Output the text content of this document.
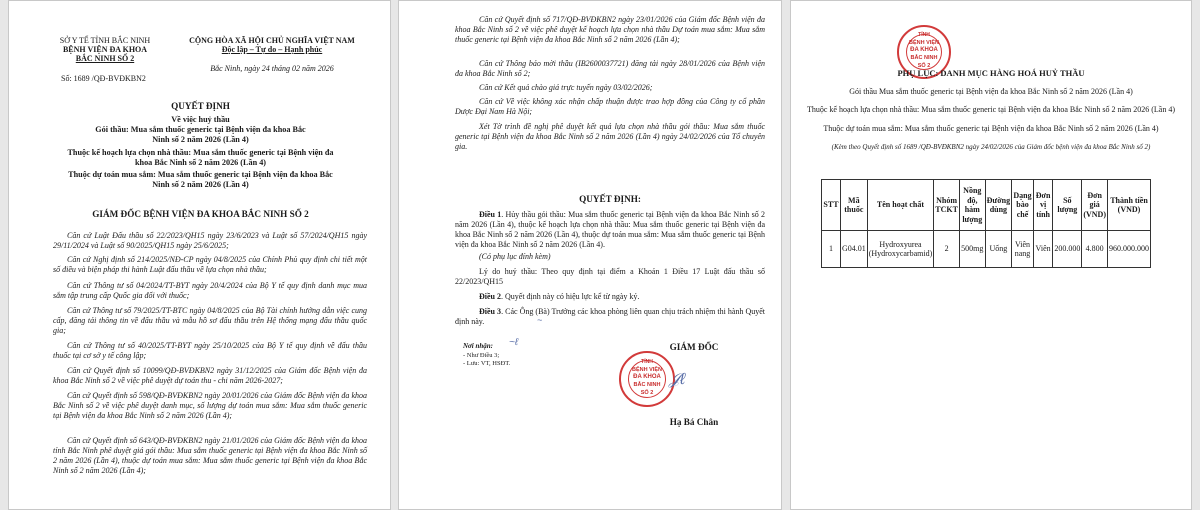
SỞ Y TẾ TỈNH BẮC NINH
BỆNH VIỆN ĐA KHOA
BẮC NINH SỐ 2
CỘNG HÒA XÃ HỘI CHỦ NGHĨA VIỆT NAM
Độc lập – Tự do – Hạnh phúc
Số: 1689 /QĐ-BVĐKBN2
Bắc Ninh, ngày 24 tháng 02 năm 2026
QUYẾT ĐỊNH
Về việc huỷ thầu
Gói thầu: Mua sắm thuốc generic tại Bệnh viện đa khoa Bắc
Ninh số 2 năm 2026 (Lần 4)
Thuộc kế hoạch lựa chọn nhà thầu: Mua sắm thuốc generic tại Bệnh viện đa
khoa Bắc Ninh số 2 năm 2026 (Lần 4)
Thuộc dự toán mua sắm: Mua sắm thuốc generic tại Bệnh viện đa khoa Bắc
Ninh số 2 năm 2026 (Lần 4)
GIÁM ĐỐC BỆNH VIỆN ĐA KHOA BẮC NINH SỐ 2
Căn cứ Luật Đấu thầu số 22/2023/QH15 ngày 23/6/2023 và Luật số 57/2024/QH15 ngày 29/11/2024 và Luật số 90/2025/QH15 ngày 25/6/2025;
Căn cứ Nghị định số 214/2025/NĐ-CP ngày 04/8/2025 của Chính Phủ quy định chi tiết một số điều và biện pháp thi hành Luật đấu thầu về lựa chọn nhà thầu;
Căn cứ Thông tư số 04/2024/TT-BYT ngày 20/4/2024 của Bộ Y tế quy định danh mục mua sắm tập trung cấp Quốc gia đối với thuốc;
Căn cứ Thông tư số 79/2025/TT-BTC ngày 04/8/2025 của Bộ Tài chính hướng dẫn việc cung cấp, đăng tải thông tin về đấu thầu và mẫu hồ sơ đấu thầu trên Hệ thống mạng đấu thầu quốc gia;
Căn cứ Thông tư số 40/2025/TT-BYT ngày 25/10/2025 của Bộ Y tế quy định về đấu thầu thuốc tại cơ sở y tế công lập;
Căn cứ Quyết định số 10099/QĐ-BVĐKBN2 ngày 31/12/2025 của Giám đốc Bệnh viện đa khoa Bắc Ninh số 2 về việc phê duyệt dự toán thu - chi năm 2026-2027;
Căn cứ Quyết định số 598/QĐ-BVĐKBN2 ngày 20/01/2026 của Giám đốc Bệnh viện đa khoa Bắc Ninh số 2 về việc phê duyệt danh mục, số lượng dự toán mua sắm: Mua sắm thuốc generic tại Bệnh viện đa khoa Bắc Ninh số 2 năm 2026 (Lần 4);
Căn cứ Quyết định số 643/QĐ-BVĐKBN2 ngày 21/01/2026 của Giám đốc Bệnh viện đa khoa tỉnh Bắc Ninh phê duyệt giá gói thầu: Mua sắm thuốc generic tại Bệnh viện đa khoa Bắc Ninh số 2 năm 2026 (Lần 4), thuộc dự toán mua sắm: Mua sắm thuốc generic tại Bệnh viện đa khoa Bắc Ninh số 2 năm 2026 (Lần 4);
Căn cứ Quyết định số 717/QĐ-BVĐKBN2 ngày 23/01/2026 của Giám đốc Bệnh viện đa khoa Bắc Ninh số 2 về việc phê duyệt kế hoạch lựa chọn nhà thầu Dự toán mua sắm: Mua sắm thuốc generic tại Bệnh viện đa khoa Bắc Ninh số 2 năm 2026 (Lần 4);
Căn cứ Thông báo mời thầu (IB2600037721) đăng tải ngày 28/01/2026 của Bệnh viện đa khoa Bắc Ninh số 2;
Căn cứ Kết quả chào giá trực tuyến ngày 03/02/2026;
Căn cứ Về việc không xác nhận chấp thuận được trao hợp đồng của Công ty cổ phần Dược Đại Nam Hà Nội;
Xét Tờ trình đề nghị phê duyệt kết quả lựa chọn nhà thầu gói thầu: Mua sắm thuốc generic tại Bệnh viện đa khoa Bắc Ninh số 2 năm 2026 (Lần 4) ngày 24/02/2026 của Tổ chuyên gia.
QUYẾT ĐỊNH:
Điều 1. Hủy thầu gói thầu: Mua sắm thuốc generic tại Bệnh viện đa khoa Bắc Ninh số 2 năm 2026 (Lần 4), thuộc kế hoạch lựa chọn nhà thầu: Mua sắm thuốc generic tại Bệnh viện đa khoa Bắc Ninh số 2 năm 2026 (Lần 4), thuộc dự toán mua sắm: Mua sắm thuốc generic tại Bệnh viện đa khoa Bắc Ninh số 2 năm 2026 (Lần 4).
(Có phụ lục đính kèm)
Lý do huỷ thầu: Theo quy định tại điểm a Khoản 1 Điều 17 Luật đấu thầu số 22/2023/QH15
Điều 2. Quyết định này có hiệu lực kể từ ngày ký.
Điều 3. Các Ông (Bà) Trưởng các khoa phòng liên quan chịu trách nhiệm thi hành Quyết định này.	~
Nơi nhận: ~ℓ
- Như Điều 3;
- Lưu: VT, HSĐT.
GIÁM ĐỐC
TỈNH
BỆNH VIỆN
ĐA KHOA
BẮC NINH
SỐ 2
𝒥ℓ
Hạ Bá Chân
TỈNH
BỆNH VIỆN
ĐA KHOA
BẮC NINH
SỐ 2
PHỤ LỤC: DANH MỤC HÀNG HOÁ HUỶ THẦU
Gói thầu Mua sắm thuốc generic tại Bệnh viện đa khoa Bắc Ninh số 2 năm 2026 (Lần 4)
Thuộc kế hoạch lựa chọn nhà thầu: Mua sắm thuốc generic tại Bệnh viện đa khoa Bắc Ninh số 2 năm 2026 (Lần 4)
Thuộc dự toán mua sắm: Mua sắm thuốc generic tại Bệnh viện đa khoa Bắc Ninh số 2 năm 2026 (Lần 4)
(Kèm theo Quyết định số 1689 /QĐ-BVĐKBN2 ngày 24/02/2026 của Giám đốc bệnh viện đa khoa Bắc Ninh số 2)
STT	Mã thuốc	Tên hoạt chất	Nhóm TCKT	Nồng độ, hàm lượng	Đường dùng	Dạng bào chế	Đơn vị tính	Số lượng	Đơn giá (VND)	Thành tiền (VND)
1	G04.01	Hydroxyurea (Hydroxycarbamid)	2	500mg	Uống	Viên nang	Viên	200.000	4.800	960.000.000
